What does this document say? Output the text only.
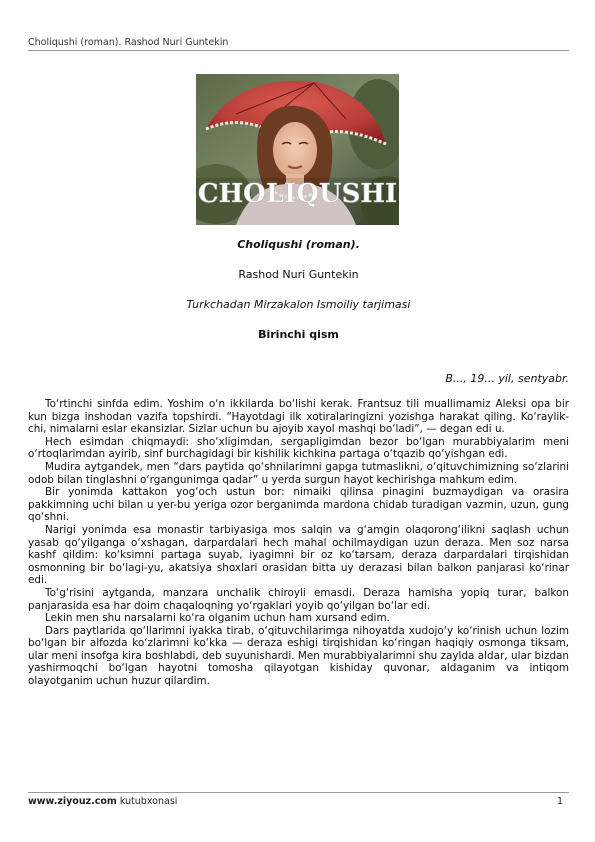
Choliqushi (roman). Rashod Nuri Guntekin
CHOLIQUSHI
Choliqushi (roman).
Rashod Nuri Guntekin
Turkchadan Mirzakalon Ismoiliy tarjimasi
Birinchi qism
B..., 19... yil, sentyabr.

To‘rtinchi sinfda edim. Yoshim o‘n ikkilarda bo‘lishi kerak. Frantsuz tili muallimamiz Aleksi opa bir kun bizga inshodan vazifa topshirdi. “Hayotdagi ilk xotiralaringizni yozishga harakat qiling. Ko‘raylik-chi, nimalarni eslar ekansizlar. Sizlar uchun bu ajoyib xayol mashqi bo‘ladi”, — degan edi u.

Hech esimdan chiqmaydi: sho‘xligimdan, sergapligimdan bezor bo‘lgan murabbiyalarim meni o‘rtoqlarimdan ayirib, sinf burchagidagi bir kishilik kichkina partaga o‘tqazib qo‘yishgan edi.

Mudira aytgandek, men “dars paytida qo‘shnilarimni gapga tutmaslikni, o‘qituvchimizning so‘zlarini odob bilan tinglashni o‘rgangunimga qadar” u yerda surgun hayot kechirishga mahkum edim.

Bir yonimda kattakon yog‘och ustun bor: nimaiki qilinsa pinagini buzmaydigan va orasira pakkimning uchi bilan u yer-bu yeriga ozor berganimda mardona chidab turadigan vazmin, uzun, gung qo‘shni.

Narigi yonimda esa monastir tarbiyasiga mos salqin va g‘amgin olaqorong‘ilikni saqlash uchun yasab qo‘yilganga o‘xshagan, darpardalari hech mahal ochilmaydigan uzun deraza. Men soz narsa kashf qildim: ko‘ksimni partaga suyab, iyagimni bir oz ko‘tarsam, deraza darpardalari tirqishidan osmonning bir bo‘lagi-yu, akatsiya shoxlari orasidan bitta uy derazasi bilan balkon panjarasi ko‘rinar edi.

To‘g‘risini aytganda, manzara unchalik chiroyli emasdi. Deraza hamisha yopiq turar, balkon panjarasida esa har doim chaqaloqning yo‘rgaklari yoyib qo‘yilgan bo‘lar edi.

Lekin men shu narsalarni ko‘ra olganim uchun ham xursand edim.

Dars paytlarida qo‘llarimni iyakka tirab, o‘qituvchilarimga nihoyatda xudojo‘y ko‘rinish uchun lozim bo‘lgan bir alfozda ko‘zlarimni ko‘kka — deraza eshigi tirqishidan ko‘ringan haqiqiy osmonga tiksam, ular meni insofga kira boshlabdi, deb suyunishardi. Men murabbiyalarimni shu zaylda aldar, ular bizdan yashirmoqchi bo‘lgan hayotni tomosha qilayotgan kishiday quvonar, aldaganim va intiqom olayotganim uchun huzur qilardim.

www.ziyouz.com kutubxonasi	1
